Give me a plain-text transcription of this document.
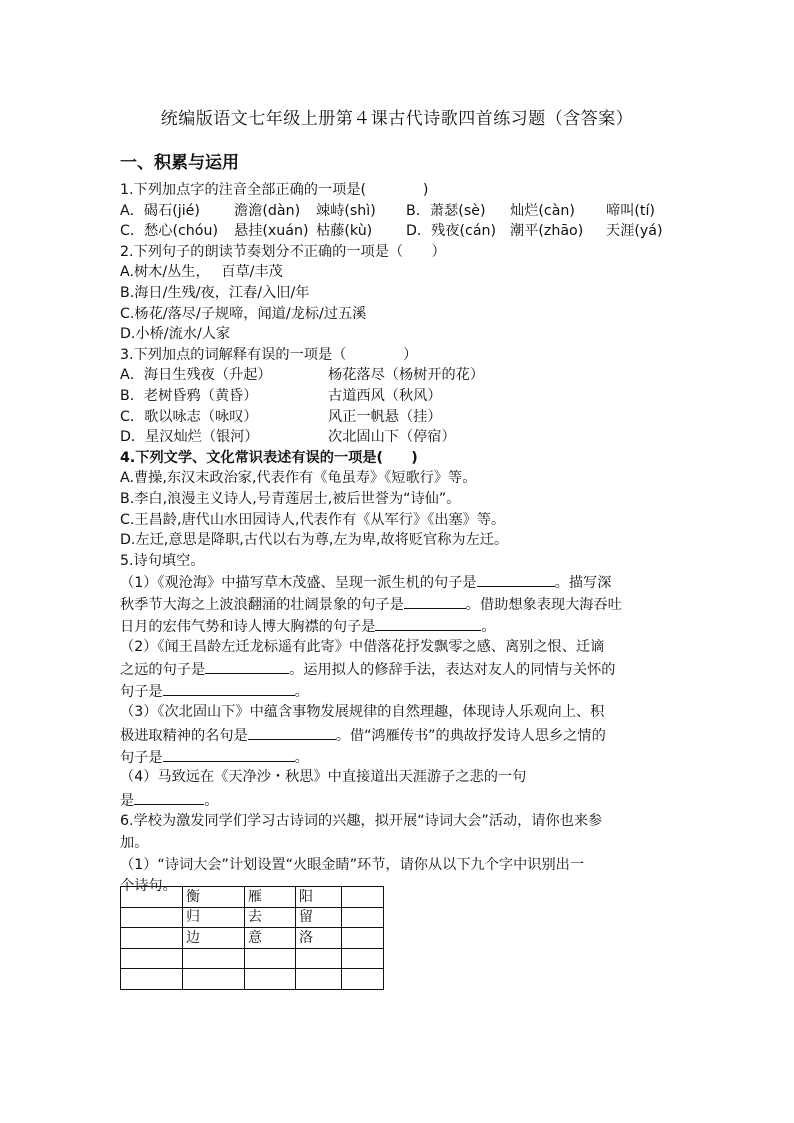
统编版语文七年级上册第４课古代诗歌四首练习题（含答案）
一、积累与运用
1.下列加点字的注音全部正确的一项是(　　　　)
A．碣石(jié) 澹澹(dàn) 竦峙(shì) B．萧瑟(sè) 灿烂(càn) 啼叫(tí)
C．愁心(chóu) 悬挂(xuán) 枯藤(kù) D．残夜(cán) 潮平(zhāo) 天涯(yá)
2.下列句子的朗读节奏划分不正确的一项是（　　）
A.树木/丛生，　 百草/丰茂
B.海日/生残/夜，江春/入旧/年
C.杨花/落尽/子规啼，闻道/龙标/过五溪
D.小桥/流水/人家
3.下列加点的词解释有误的一项是（　　　　）
A．海日生残夜（升起）	杨花落尽（杨树开的花）
B．老树昏鸦（黄昏）	古道西风（秋风）
C．歌以咏志（咏叹）	风正一帆悬（挂）
D．星汉灿烂（银河）	次北固山下（停宿）
4.下列文学、文化常识表述有误的一项是(　　)
A.曹操,东汉末政治家,代表作有《龟虽寿》《短歌行》等。
B.李白,浪漫主义诗人,号青莲居士,被后世誉为“诗仙”。
C.王昌龄,唐代山水田园诗人,代表作有《从军行》《出塞》等。
D.左迁,意思是降职,古代以右为尊,左为卑,故将贬官称为左迁。
5.诗句填空。
（1）《观沧海》中描写草木茂盛、呈现一派生机的句子是	。描写深
秋季节大海之上波浪翻涌的壮阔景象的句子是	。借助想象表现大海吞吐
日月的宏伟气势和诗人博大胸襟的句子是	。
（2）《闻王昌龄左迁龙标遥有此寄》中借落花抒发飘零之感、离别之恨、迁谪
之远的句子是	。运用拟人的修辞手法，表达对友人的同情与关怀的
句子是	。
（3）《次北固山下》中蕴含事物发展规律的自然理趣，体现诗人乐观向上、积
极进取精神的名句是	。借“鸿雁传书”的典故抒发诗人思乡之情的
句子是	。
（4）马致远在《天净沙・秋思》中直接道出天涯游子之悲的一句
是	。
6.学校为激发同学们学习古诗词的兴趣，拟开展“诗词大会”活动，请你也来参
加。
（1）“诗词大会”计划设置“火眼金睛”环节，请你从以下九个字中识别出一
个诗句。
	衡	雁	阳	
	归	去	留	
	边	意	洛	
